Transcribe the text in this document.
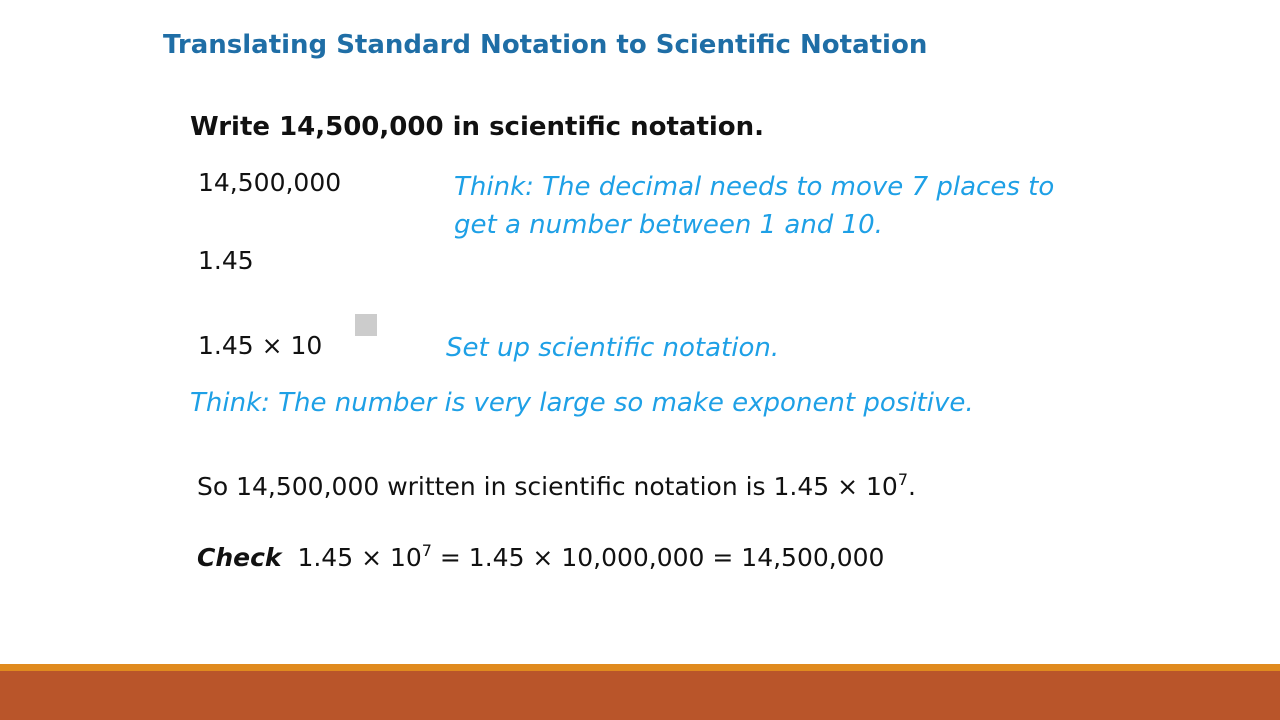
Translating Standard Notation to Scientific Notation
Write 14,500,000 in scientific notation.
14,500,000	Think: The decimal needs to move 7 places to get a number between 1 and 10.
1.45
1.45 × 10	Set up scientific notation.
Think: The number is very large so make exponent positive.
So 14,500,000 written in scientific notation is $1.45 \times 10^7$.
Check $1.45 \times 10^7 = 1.45 \times 10,000,000 = 14,500,000$
